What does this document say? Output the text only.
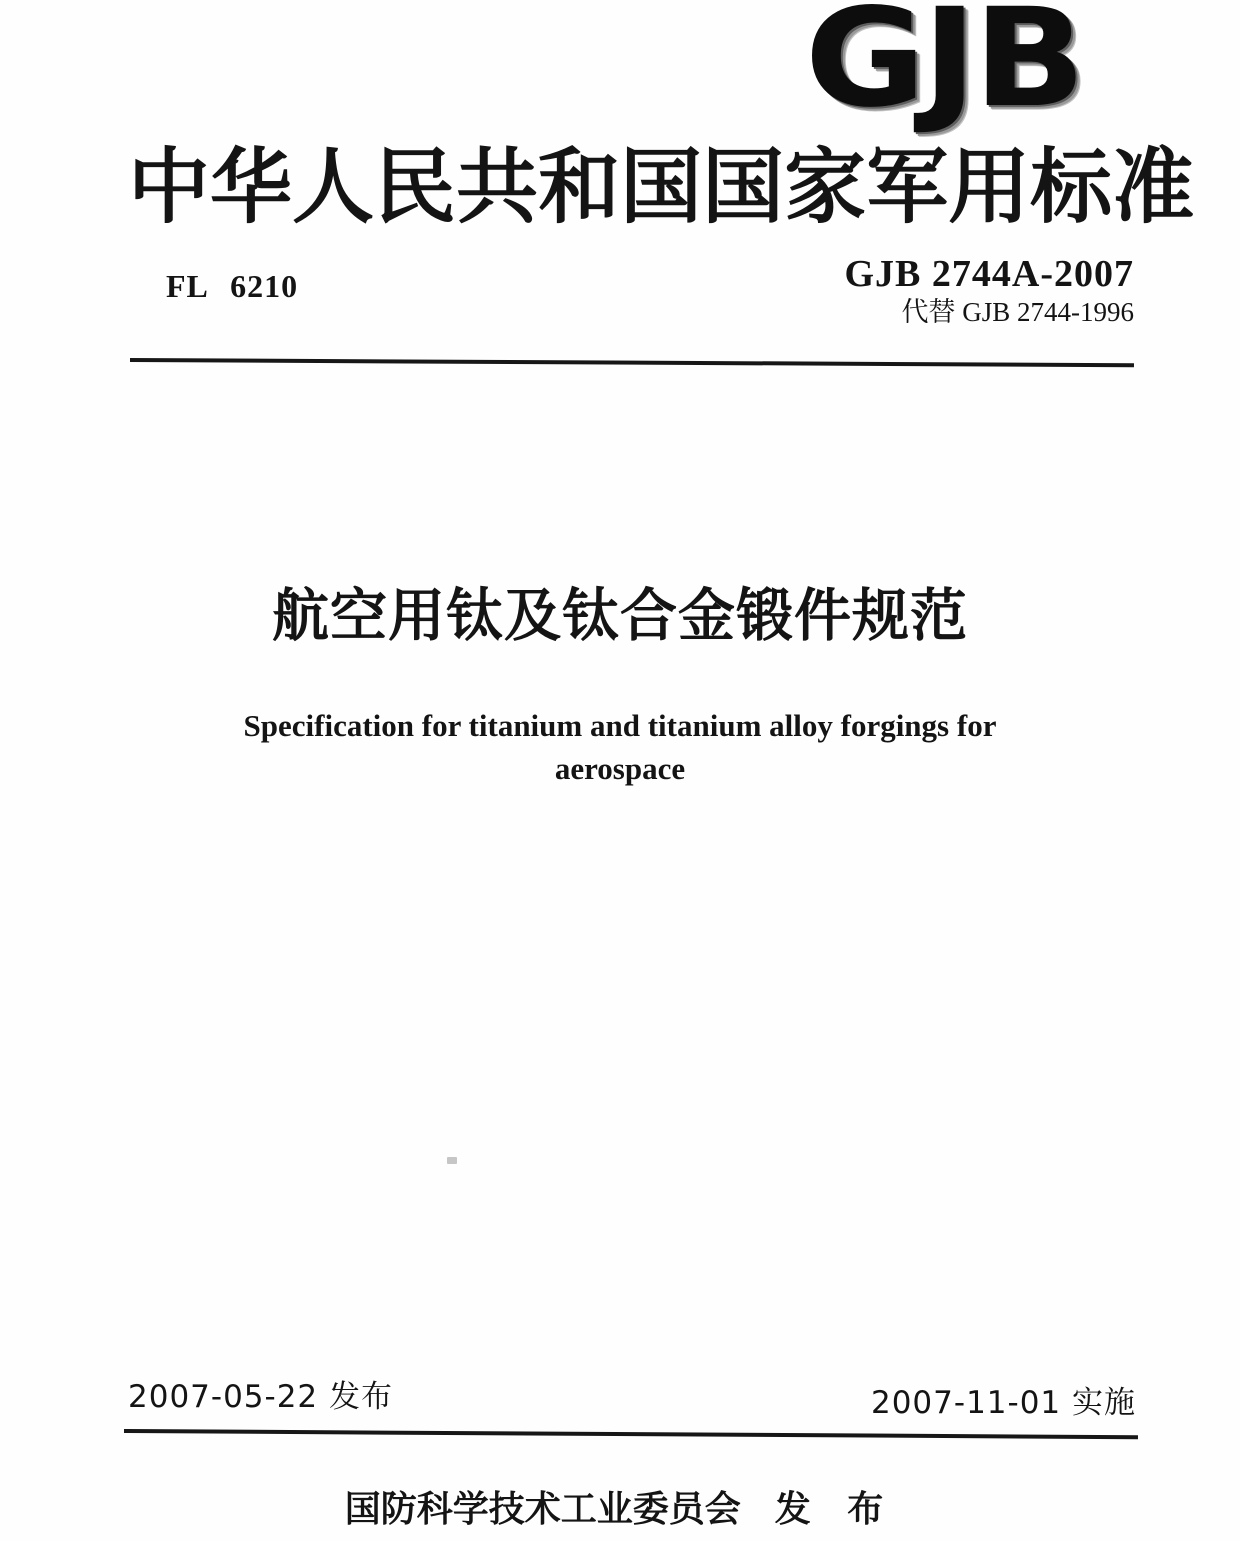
GJB
中 华 人 民 共 和 国 国 家 军 用 标 准
FL 6210	GJB 2744A-2007
代替 GJB 2744-1996
航空用钛及钛合金锻件规范
Specification for titanium and titanium alloy forgings for
aerospace
2007-05-22 发布	2007-11-01 实施
国防科学技术工业委员会 发 布
